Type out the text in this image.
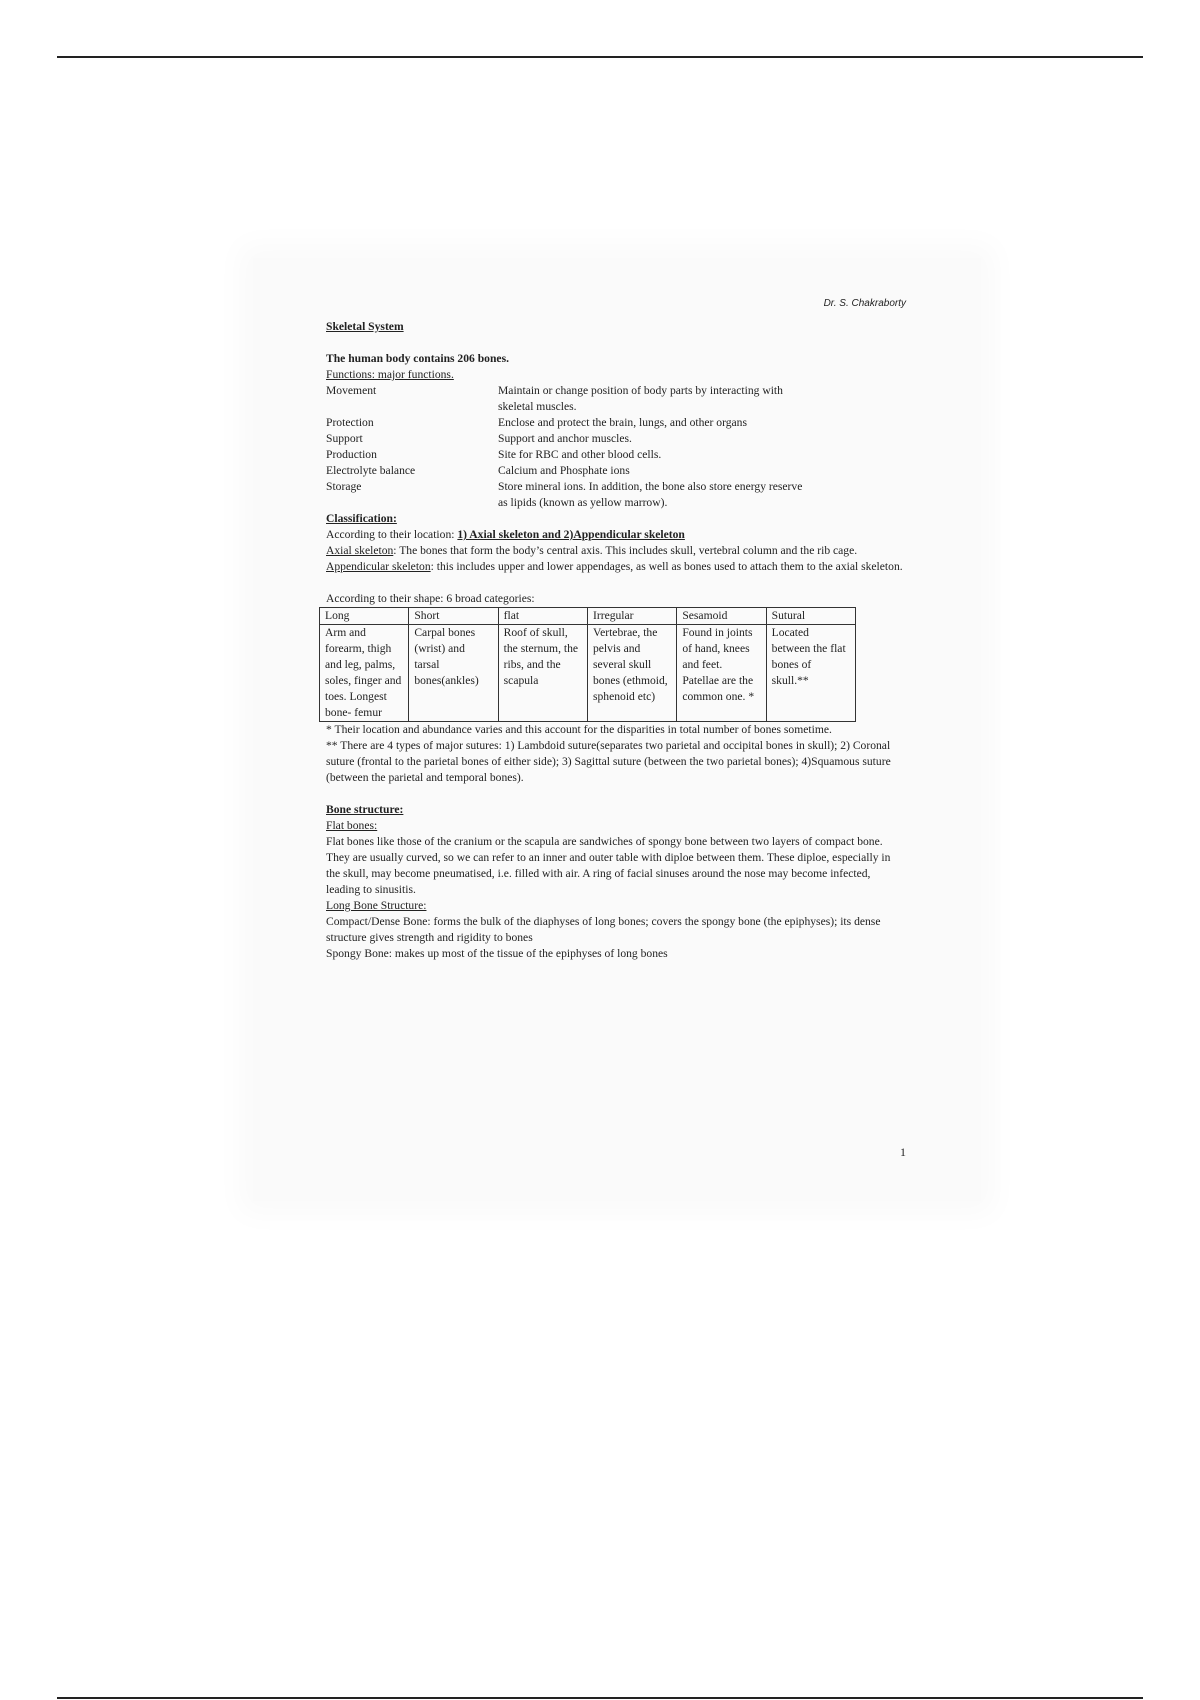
Dr. S. Chakraborty
Skeletal System
The human body contains 206 bones.
Functions: major functions.
Movement	Maintain or change position of body parts by interacting with skeletal muscles.
Protection	Enclose and protect the brain, lungs, and other organs
Support	Support and anchor muscles.
Production	Site for RBC and other blood cells.
Electrolyte balance	Calcium and Phosphate ions
Storage	Store mineral ions. In addition, the bone also store energy reserve as lipids (known as yellow marrow).
Classification:
According to their location: 1) Axial skeleton and 2)Appendicular skeleton
Axial skeleton: The bones that form the body’s central axis. This includes skull, vertebral column and the rib cage.
Appendicular skeleton: this includes upper and lower appendages, as well as bones used to attach them to the axial skeleton.
According to their shape: 6 broad categories:
Long	Short	flat	Irregular	Sesamoid	Sutural
Arm and forearm, thigh and leg, palms, soles, finger and toes. Longest bone- femur	Carpal bones (wrist) and tarsal bones(ankles)	Roof of skull, the sternum, the ribs, and the scapula	Vertebrae, the pelvis and several skull bones (ethmoid, sphenoid etc)	Found in joints of hand, knees and feet. Patellae are the common one. *	Located between the flat bones of skull.**
* Their location and abundance varies and this account for the disparities in total number of bones sometime.
** There are 4 types of major sutures: 1) Lambdoid suture(separates two parietal and occipital bones in skull); 2) Coronal suture (frontal to the parietal bones of either side); 3) Sagittal suture (between the two parietal bones); 4)Squamous suture (between the parietal and temporal bones).
Bone structure:
Flat bones:
Flat bones like those of the cranium or the scapula are sandwiches of spongy bone between two layers of compact bone. They are usually curved, so we can refer to an inner and outer table with diploe between them. These diploe, especially in the skull, may become pneumatised, i.e. filled with air. A ring of facial sinuses around the nose may become infected, leading to sinusitis.
Long Bone Structure:
Compact/Dense Bone: forms the bulk of the diaphyses of long bones; covers the spongy bone (the epiphyses); its dense structure gives strength and rigidity to bones
Spongy Bone: makes up most of the tissue of the epiphyses of long bones
1
